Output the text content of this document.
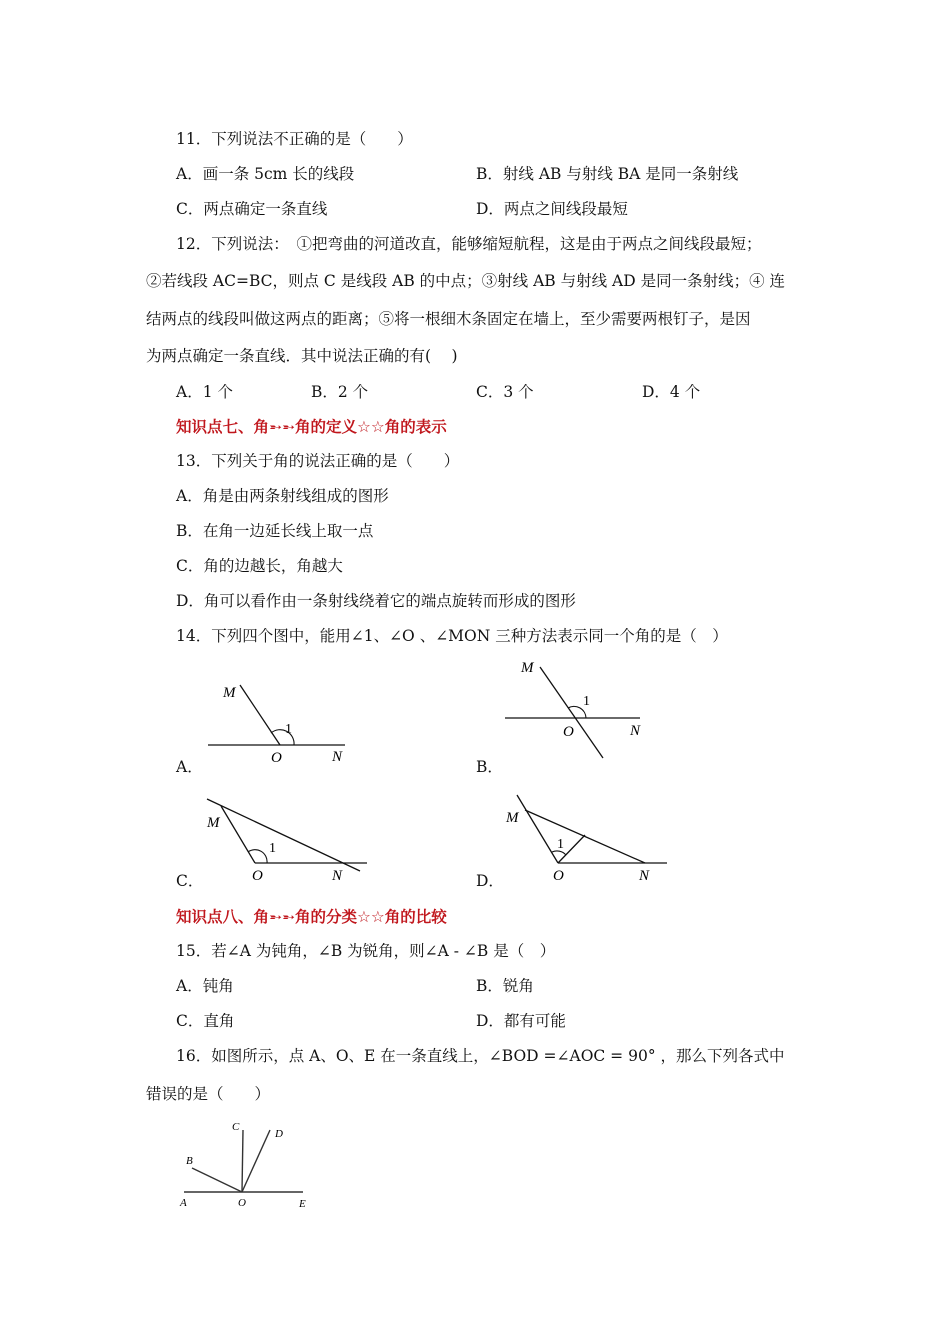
11．下列说法不正确的是（　　）
A．画一条 5cm 长的线段	B．射线 AB 与射线 BA 是同一条射线
C．两点确定一条直线	D．两点之间线段最短
12．下列说法：　①把弯曲的河道改直，能够缩短航程，这是由于两点之间线段最短；
②若线段 AC=BC，则点 C 是线段 AB 的中点；③射线 AB 与射线 AD 是同一条射线；④ 连
结两点的线段叫做这两点的距离；⑤将一根细木条固定在墙上，至少需要两根钉子，是因
为两点确定一条直线．其中说法正确的有(　 )
A．1 个	B．2 个	C．3 个	D．4 个
知识点七、角➵➵角的定义☆☆角的表示
13．下列关于角的说法正确的是（　　）
A．角是由两条射线组成的图形
B．在角一边延长线上取一点
C．角的边越长，角越大
D．角可以看作由一条射线绕着它的端点旋转而形成的图形
14．下列四个图中，能用∠1、∠O 、∠MON 三种方法表示同一个角的是（　）
A．
M
1
O	N
B．
M
1
O	N
C．
M
1
O	N	D．
M
1
O	N
知识点八、角➵➵角的分类☆☆角的比较
15．若∠A 为钝角，∠B 为锐角，则∠A - ∠B 是（　）
A．钝角	B．锐角
C．直角	D．都有可能
16．如图所示，点 A、O、E 在一条直线上，∠BOD =∠AOC = 90° ，那么下列各式中
错误的是（　　）
C
D
B
A	O	E
